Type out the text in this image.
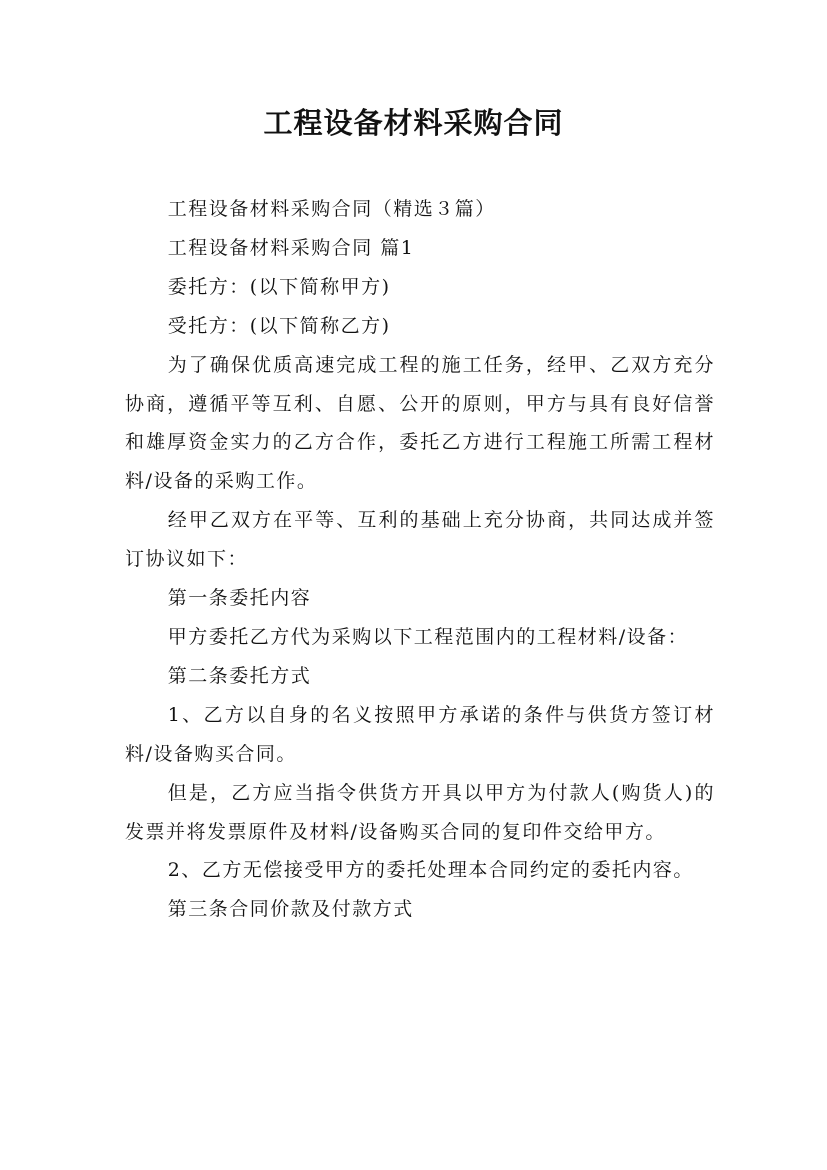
工程设备材料采购合同

工程设备材料采购合同（精选３篇）

工程设备材料采购合同 篇1

委托方：(以下简称甲方)

受托方：(以下简称乙方)

为了确保优质高速完成工程的施工任务，经甲、乙双方充分协商，遵循平等互利、自愿、公开的原则，甲方与具有良好信誉和雄厚资金实力的乙方合作，委托乙方进行工程施工所需工程材料/设备的采购工作。

经甲乙双方在平等、互利的基础上充分协商，共同达成并签订协议如下：

第一条委托内容

甲方委托乙方代为采购以下工程范围内的工程材料/设备：

第二条委托方式

1、乙方以自身的名义按照甲方承诺的条件与供货方签订材料/设备购买合同。

但是，乙方应当指令供货方开具以甲方为付款人(购货人)的发票并将发票原件及材料/设备购买合同的复印件交给甲方。

2、乙方无偿接受甲方的委托处理本合同约定的委托内容。

第三条合同价款及付款方式
